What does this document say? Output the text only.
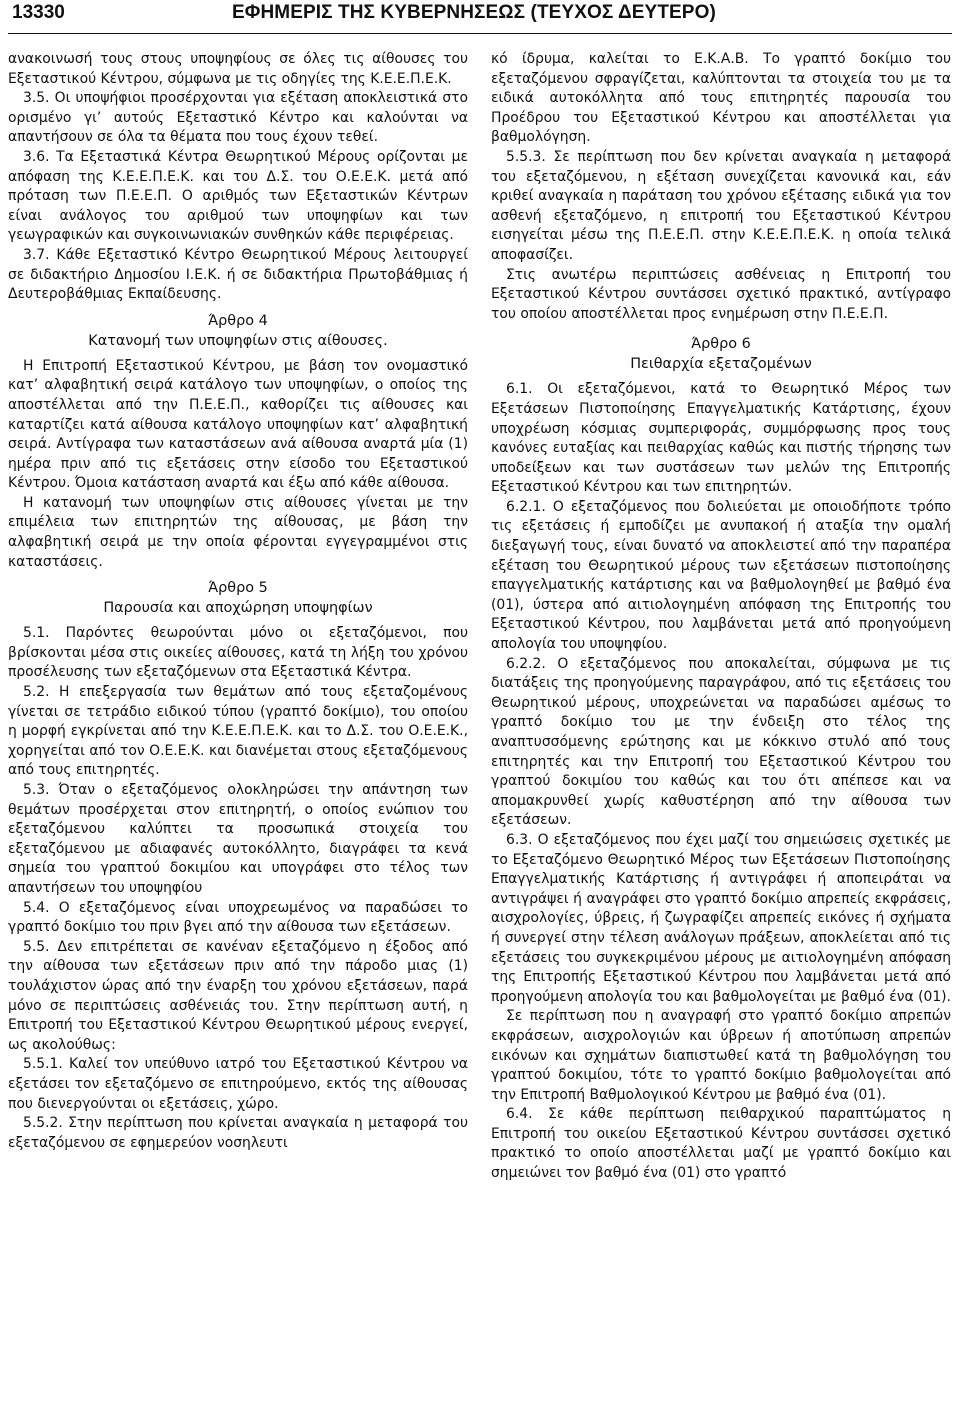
13330	ΕΦΗΜΕΡΙΣ ΤΗΣ ΚΥΒΕΡΝΗΣΕΩΣ (ΤΕΥΧΟΣ ΔΕΥΤΕΡΟ)

ανακοινωσή τους στους υποψηφίους σε όλες τις αίθουσες του Εξεταστικού Κέντρου, σύμφωνα με τις οδηγίες της Κ.Ε.Ε.Π.Ε.Κ.

3.5. Οι υποψήφιοι προσέρχονται για εξέταση αποκλειστικά στο ορισμένο γι’ αυτούς Εξεταστικό Κέντρο και καλούνται να απαντήσουν σε όλα τα θέματα που τους έχουν τεθεί.

3.6. Τα Εξεταστικά Κέντρα Θεωρητικού Μέρους ορίζονται με απόφαση της Κ.Ε.Ε.Π.Ε.Κ. και του Δ.Σ. του Ο.Ε.Ε.Κ. μετά από πρόταση των Π.Ε.Ε.Π. Ο αριθμός των Εξεταστικών Κέντρων είναι ανάλογος του αριθμού των υποψηφίων και των γεωγραφικών και συγκοινωνιακών συνθηκών κάθε περιφέρειας.

3.7. Κάθε Εξεταστικό Κέντρο Θεωρητικού Μέρους λειτουργεί σε διδακτήριο Δημοσίου Ι.Ε.Κ. ή σε διδακτήρια Πρωτοβάθμιας ή Δευτεροβάθμιας Εκπαίδευσης.

Άρθρο 4
Κατανομή των υποψηφίων στις αίθουσες.

Η Επιτροπή Εξεταστικού Κέντρου, με βάση τον ονομαστικό κατ’ αλφαβητική σειρά κατάλογο των υποψηφίων, ο οποίος της αποστέλλεται από την Π.Ε.Ε.Π., καθορίζει τις αίθουσες και καταρτίζει κατά αίθουσα κατάλογο υποψηφίων κατ’ αλφαβητική σειρά. Αντίγραφα των καταστάσεων ανά αίθουσα αναρτά μία (1) ημέρα πριν από τις εξετάσεις στην είσοδο του Εξεταστικού Κέντρου. Όμοια κατάσταση αναρτά και έξω από κάθε αίθουσα.

Η κατανομή των υποψηφίων στις αίθουσες γίνεται με την επιμέλεια των επιτηρητών της αίθουσας, με βάση την αλφαβητική σειρά με την οποία φέρονται εγγεγραμμένοι στις καταστάσεις.

Άρθρο 5
Παρουσία και αποχώρηση υποψηφίων

5.1. Παρόντες θεωρούνται μόνο οι εξεταζόμενοι, που βρίσκονται μέσα στις οικείες αίθουσες, κατά τη λήξη του χρόνου προσέλευσης των εξεταζόμενων στα Εξεταστικά Κέντρα.

5.2. Η επεξεργασία των θεμάτων από τους εξεταζομένους γίνεται σε τετράδιο ειδικού τύπου (γραπτό δοκίμιο), του οποίου η μορφή εγκρίνεται από την Κ.Ε.Ε.Π.Ε.Κ. και το Δ.Σ. του Ο.Ε.Ε.Κ., χορηγείται από τον Ο.Ε.Ε.Κ. και διανέμεται στους εξεταζόμενους από τους επιτηρητές.

5.3. Όταν ο εξεταζόμενος ολοκληρώσει την απάντηση των θεμάτων προσέρχεται στον επιτηρητή, ο οποίος ενώπιον του εξεταζόμενου καλύπτει τα προσωπικά στοιχεία του εξεταζόμενου με αδιαφανές αυτοκόλλητο, διαγράφει τα κενά σημεία του γραπτού δοκιμίου και υπογράφει στο τέλος των απαντήσεων του υποψηφίου

5.4. Ο εξεταζόμενος είναι υποχρεωμένος να παραδώσει το γραπτό δοκίμιο του πριν βγει από την αίθουσα των εξετάσεων.

5.5. Δεν επιτρέπεται σε κανέναν εξεταζόμενο η έξοδος από την αίθουσα των εξετάσεων πριν από την πάροδο μιας (1) τουλάχιστον ώρας από την έναρξη του χρόνου εξετάσεων, παρά μόνο σε περιπτώσεις ασθένειάς του. Στην περίπτωση αυτή, η Επιτροπή του Εξεταστικού Κέντρου Θεωρητικού μέρους ενεργεί, ως ακολούθως:

5.5.1. Καλεί τον υπεύθυνο ιατρό του Εξεταστικού Κέντρου να εξετάσει τον εξεταζόμενο σε επιτηρούμενο, εκτός της αίθουσας που διενεργούνται οι εξετάσεις, χώρο.

5.5.2. Στην περίπτωση που κρίνεται αναγκαία η μεταφορά του εξεταζόμενου σε εφημερεύον νοσηλευτι

κό ίδρυμα, καλείται το Ε.Κ.Α.Β. Το γραπτό δοκίμιο του εξεταζόμενου σφραγίζεται, καλύπτονται τα στοιχεία του με τα ειδικά αυτοκόλλητα από τους επιτηρητές παρουσία του Προέδρου του Εξεταστικού Κέντρου και αποστέλλεται για βαθμολόγηση.

5.5.3. Σε περίπτωση που δεν κρίνεται αναγκαία η μεταφορά του εξεταζόμενου, η εξέταση συνεχίζεται κανονικά και, εάν κριθεί αναγκαία η παράταση του χρόνου εξέτασης ειδικά για τον ασθενή εξεταζόμενο, η επιτροπή του Εξεταστικού Κέντρου εισηγείται μέσω της Π.Ε.Ε.Π. στην Κ.Ε.Ε.Π.Ε.Κ. η οποία τελικά αποφασίζει.

Στις ανωτέρω περιπτώσεις ασθένειας η Επιτροπή του Εξεταστικού Κέντρου συντάσσει σχετικό πρακτικό, αντίγραφο του οποίου αποστέλλεται προς ενημέρωση στην Π.Ε.Ε.Π.

Άρθρο 6
Πειθαρχία εξεταζομένων

6.1. Οι εξεταζόμενοι, κατά το Θεωρητικό Μέρος των Εξετάσεων Πιστοποίησης Επαγγελματικής Κατάρτισης, έχουν υποχρέωση κόσμιας συμπεριφοράς, συμμόρφωσης προς τους κανόνες ευταξίας και πειθαρχίας καθώς και πιστής τήρησης των υποδείξεων και των συστάσεων των μελών της Επιτροπής Εξεταστικού Κέντρου και των επιτηρητών.

6.2.1. Ο εξεταζόμενος που δολιεύεται με οποιοδήποτε τρόπο τις εξετάσεις ή εμποδίζει με ανυπακοή ή αταξία την ομαλή διεξαγωγή τους, είναι δυνατό να αποκλειστεί από την παραπέρα εξέταση του Θεωρητικού μέρους των εξετάσεων πιστοποίησης επαγγελματικής κατάρτισης και να βαθμολογηθεί με βαθμό ένα (01), ύστερα από αιτιολογημένη απόφαση της Επιτροπής του Εξεταστικού Κέντρου, που λαμβάνεται μετά από προηγούμενη απολογία του υποψηφίου.

6.2.2. Ο εξεταζόμενος που αποκαλείται, σύμφωνα με τις διατάξεις της προηγούμενης παραγράφου, από τις εξετάσεις του Θεωρητικού μέρους, υποχρεώνεται να παραδώσει αμέσως το γραπτό δοκίμιο του με την ένδειξη στο τέλος της αναπτυσσόμενης ερώτησης και με κόκκινο στυλό από τους επιτηρητές και την Επιτροπή του Εξεταστικού Κέντρου του γραπτού δοκιμίου του καθώς και του ότι απέπεσε και να απομακρυνθεί χωρίς καθυστέρηση από την αίθουσα των εξετάσεων.

6.3. Ο εξεταζόμενος που έχει μαζί του σημειώσεις σχετικές με το Εξεταζόμενο Θεωρητικό Μέρος των Εξετάσεων Πιστοποίησης Επαγγελματικής Κατάρτισης ή αντιγράφει ή αποπειράται να αντιγράψει ή αναγράφει στο γραπτό δοκίμιο απρεπείς εκφράσεις, αισχρολογίες, ύβρεις, ή ζωγραφίζει απρεπείς εικόνες ή σχήματα ή συνεργεί στην τέλεση ανάλογων πράξεων, αποκλείεται από τις εξετάσεις του συγκεκριμένου μέρους με αιτιολογημένη απόφαση της Επιτροπής Εξεταστικού Κέντρου που λαμβάνεται μετά από προηγούμενη απολογία του και βαθμολογείται με βαθμό ένα (01).

Σε περίπτωση που η αναγραφή στο γραπτό δοκίμιο απρεπών εκφράσεων, αισχρολογιών και ύβρεων ή αποτύπωση απρεπών εικόνων και σχημάτων διαπιστωθεί κατά τη βαθμολόγηση του γραπτού δοκιμίου, τότε το γραπτό δοκίμιο βαθμολογείται από την Επιτροπή Βαθμολογικού Κέντρου με βαθμό ένα (01).

6.4. Σε κάθε περίπτωση πειθαρχικού παραπτώματος η Επιτροπή του οικείου Εξεταστικού Κέντρου συντάσσει σχετικό πρακτικό το οποίο αποστέλλεται μαζί με γραπτό δοκίμιο και σημειώνει τον βαθμό ένα (01) στο γραπτό
